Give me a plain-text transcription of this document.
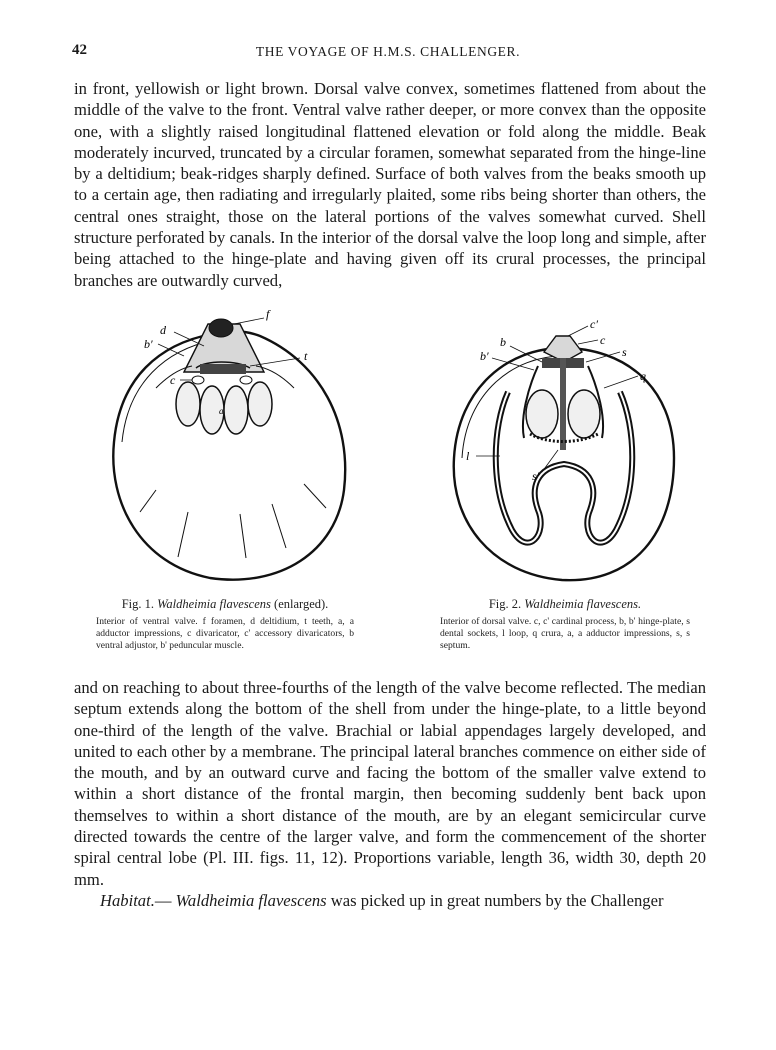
42	THE VOYAGE OF H.M.S. CHALLENGER.

in front, yellowish or light brown. Dorsal valve convex, sometimes flattened from about the middle of the valve to the front. Ventral valve rather deeper, or more convex than the opposite one, with a slightly raised longitudinal flattened elevation or fold along the middle. Beak moderately incurved, truncated by a circular foramen, somewhat separated from the hinge-line by a deltidium; beak-ridges sharply defined. Surface of both valves from the beaks smooth up to a certain age, then radiating and irregularly plaited, some ribs being shorter than others, the central ones straight, those on the lateral portions of the valves somewhat curved. Shell structure perforated by canals. In the interior of the dorsal valve the loop long and simple, after being attached to the hinge-plate and having given off its crural processes, the principal branches are outwardly curved,

f
d
b′
t
c
a
c′
c
b
b′	s
q
l
s′

Fig. 1. Waldheimia flavescens (enlarged).

Interior of ventral valve. f foramen, d deltidium, t teeth, a, a adductor impressions, c divaricator, c' accessory divaricators, b ventral adjustor, b' peduncular muscle.

Fig. 2. Waldheimia flavescens.

Interior of dorsal valve. c, c' cardinal process, b, b' hinge-plate, s dental sockets, l loop, q crura, a, a adductor impressions, s, s septum.

and on reaching to about three-fourths of the length of the valve become reflected. The median septum extends along the bottom of the shell from under the hinge-plate, to a little beyond one-third of the length of the valve. Brachial or labial appendages largely developed, and united to each other by a membrane. The principal lateral branches commence on either side of the mouth, and by an outward curve and facing the bottom of the smaller valve extend to within a short distance of the frontal margin, then becoming suddenly bent back upon themselves to within a short distance of the mouth, are by an elegant semicircular curve directed towards the centre of the larger valve, and form the commencement of the shorter spiral central lobe (Pl. III. figs. 11, 12). Proportions variable, length 36, width 30, depth 20 mm.

Habitat.— Waldheimia flavescens was picked up in great numbers by the Challenger
